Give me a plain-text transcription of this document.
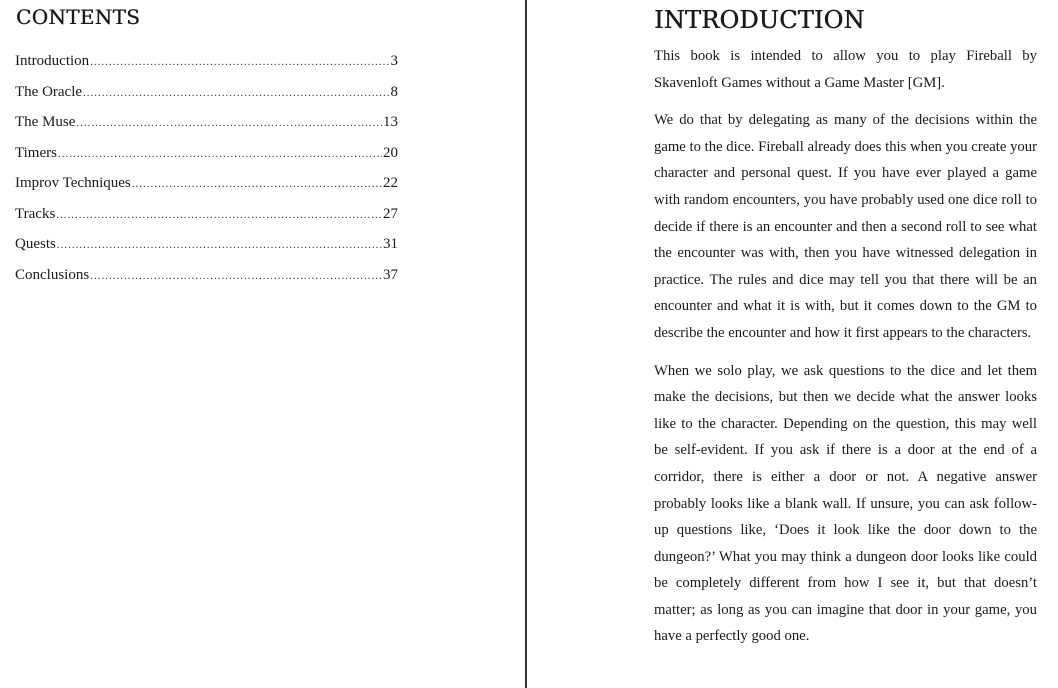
CONTENTS
Introduction .....	3
The Oracle .....	8
The Muse .....	13
Timers .....	20
Improv Techniques .....	22
Tracks .....	27
Quests .....	31
Conclusions .....	37
INTRODUCTION

This book is intended to allow you to play Fireball by Skavenloft Games without a Game Master [GM].

We do that by delegating as many of the decisions within the game to the dice. Fireball already does this when you create your character and personal quest. If you have ever played a game with random encounters, you have probably used one dice roll to decide if there is an encounter and then a second roll to see what the encounter was with, then you have witnessed delegation in practice. The rules and dice may tell you that there will be an encounter and what it is with, but it comes down to the GM to describe the encounter and how it first appears to the characters.

When we solo play, we ask questions to the dice and let them make the decisions, but then we decide what the answer looks like to the character. Depending on the question, this may well be self-evident. If you ask if there is a door at the end of a corridor, there is either a door or not. A negative answer probably looks like a blank wall. If unsure, you can ask follow-up questions like, ‘Does it look like the door down to the dungeon?’ What you may think a dungeon door looks like could be completely different from how I see it, but that doesn’t matter; as long as you can imagine that door in your game, you have a perfectly good one.
